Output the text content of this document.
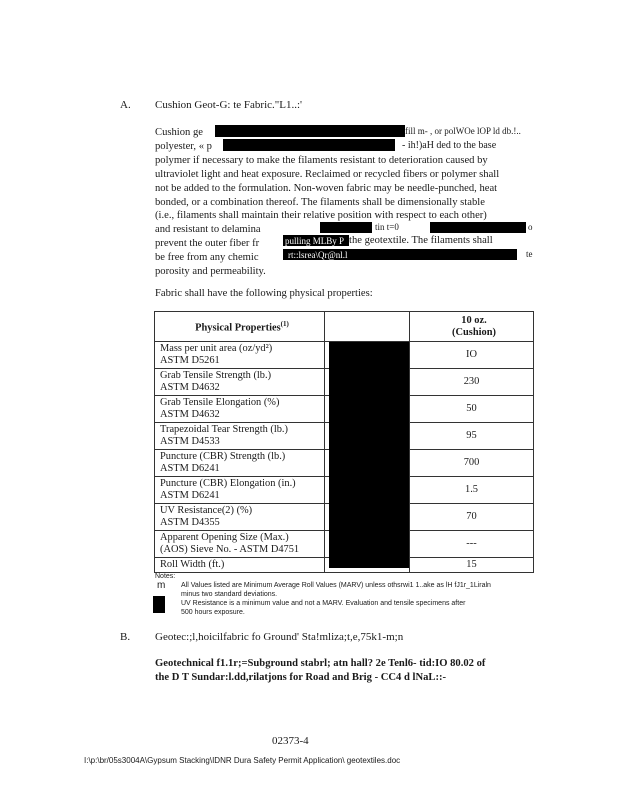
A. Cushion Geot-G: te Fabric."L1..:'
Cushion ge
polyester, « p
polymer if necessary to make the filaments resistant to deterioration caused by
ultraviolet light and heat exposure. Reclaimed or recycled fibers or polymer shall
not be added to the formulation. Non-woven fabric may be needle-punched, heat
bonded, or a combination thereof. The filaments shall be dimensionally stable
(i.e., filaments shall maintain their relative position with respect to each other)
and resistant to delamina
prevent the outer fiber fr
be free from any chemic
porosity and permeability.
fill m- , or polWOe lOP ld db.!..
- ih!)aH ded to the base
tin t=0	o
pulling MLBy P the geotextile. The filaments shall
rt::lsrea\Qr@nl.l	te
Fabric shall have the following physical properties:
Physical Properties$^{(1)}$		10 oz.
(Cushion)

Mass per unit area (oz/yd²)
ASTM D5261		IO

Grab Tensile Strength (lb.)
ASTM D4632		230

Grab Tensile Elongation (%)
ASTM D4632		50

Trapezoidal Tear Strength (lb.)
ASTM D4533		95

Puncture (CBR) Strength (lb.)
ASTM D6241		700

Puncture (CBR) Elongation (in.)
ASTM D6241		1.5

UV Resistance(2) (%)
ASTM D4355		70

Apparent Opening Size (Max.)
(AOS) Sieve No. - ASTM D4751		---

Roll Width (ft.)		15
Notes:
m All Values listed are Minimum Average Roll Values (MARV) unless othsrwi1 1..ake as lH fJ1r_1Liraln
minus two standard deviations.
UV Resistance is a minimum value and not a MARV. Evaluation and tensile specimens after
500 hours exposure.
B. Geotec:;l,hoicilfabric fo Ground' Sta!mliza;t,e,75k1-m;n
Geotechnical f1.1r;=Subground stabrl; atn hall? 2e Tenl6- tid:IO 80.02 of
the D T Sundar:l.dd,rilatjons for Road and Brig - CC4 d lNaL::-
02373-4
I:\p:\br/05s3004A\Gypsum Stacking\IDNR Dura Safety Permit Application\ geotextiles.doc
